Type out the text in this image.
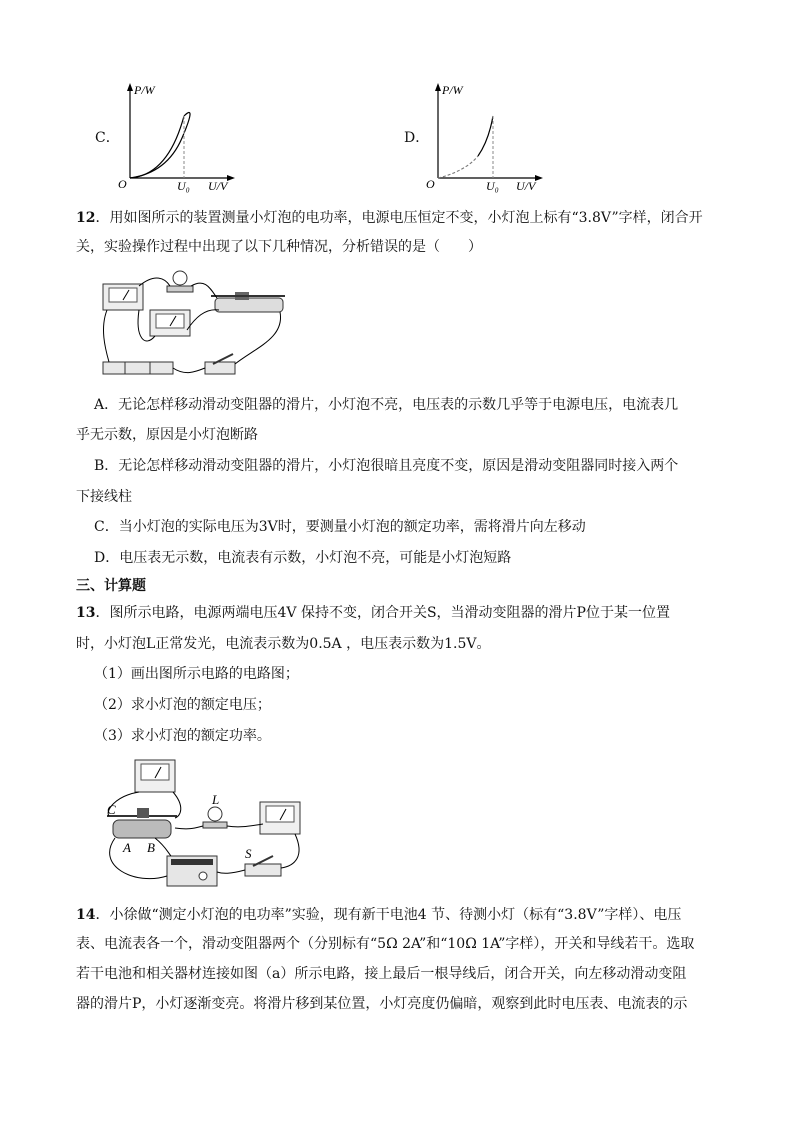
C．
P/W
U/V
O	U₀
D．
P/W
U/V
O	U₀
12．用如图所示的装置测量小灯泡的电功率，电源电压恒定不变，小灯泡上标有“3.8V”字样，闭合开
关，实验操作过程中出现了以下几种情况，分析错误的是（　　）
A．无论怎样移动滑动变阻器的滑片，小灯泡不亮，电压表的示数几乎等于电源电压，电流表几
乎无示数，原因是小灯泡断路
B．无论怎样移动滑动变阻器的滑片，小灯泡很暗且亮度不变，原因是滑动变阻器同时接入两个
下接线柱
C．当小灯泡的实际电压为3V时，要测量小灯泡的额定功率，需将滑片向左移动
D．电压表无示数，电流表有示数，小灯泡不亮，可能是小灯泡短路
三、计算题
13．图所示电路，电源两端电压4V 保持不变，闭合开关S，当滑动变阻器的滑片P位于某一位置
时，小灯泡L正常发光，电流表示数为0.5A ，电压表示数为1.5V。
（1）画出图所示电路的电路图；
（2）求小灯泡的额定电压；
（3）求小灯泡的额定功率。
C
A B
L
S
14．小徐做“测定小灯泡的电功率”实验，现有新干电池4 节、待测小灯（标有“3.8V”字样）、电压
表、电流表各一个，滑动变阻器两个（分别标有“5Ω 2A”和“10Ω 1A”字样），开关和导线若干。选取
若干电池和相关器材连接如图（a）所示电路，接上最后一根导线后，闭合开关，向左移动滑动变阻
器的滑片P，小灯逐渐变亮。将滑片移到某位置，小灯亮度仍偏暗，观察到此时电压表、电流表的示
